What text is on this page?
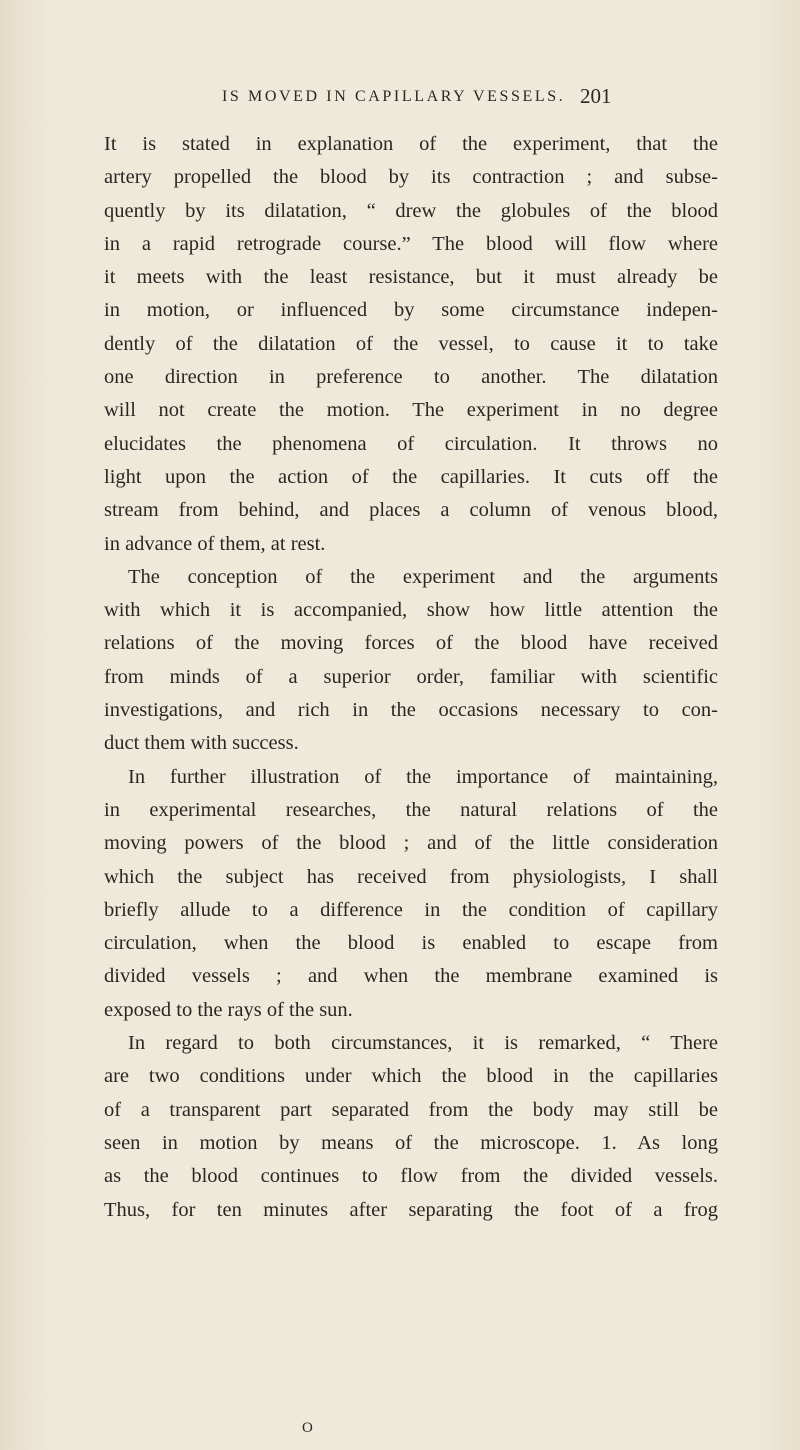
IS MOVED IN CAPILLARY VESSELS. 201
It is stated in explanation of the experiment, that the
artery propelled the blood by its contraction ; and subse-
quently by its dilatation, “ drew the globules of the blood
in a rapid retrograde course.” The blood will flow where
it meets with the least resistance, but it must already be
in motion, or influenced by some circumstance indepen-
dently of the dilatation of the vessel, to cause it to take
one direction in preference to another. The dilatation
will not create the motion. The experiment in no degree
elucidates the phenomena of circulation. It throws no
light upon the action of the capillaries. It cuts off the
stream from behind, and places a column of venous blood,
in advance of them, at rest.
The conception of the experiment and the arguments
with which it is accompanied, show how little attention the
relations of the moving forces of the blood have received
from minds of a superior order, familiar with scientific
investigations, and rich in the occasions necessary to con-
duct them with success.
In further illustration of the importance of maintaining,
in experimental researches, the natural relations of the
moving powers of the blood ; and of the little consideration
which the subject has received from physiologists, I shall
briefly allude to a difference in the condition of capillary
circulation, when the blood is enabled to escape from
divided vessels ; and when the membrane examined is
exposed to the rays of the sun.
In regard to both circumstances, it is remarked, “ There
are two conditions under which the blood in the capillaries
of a transparent part separated from the body may still be
seen in motion by means of the microscope. 1. As long
as the blood continues to flow from the divided vessels.
Thus, for ten minutes after separating the foot of a frog
O
